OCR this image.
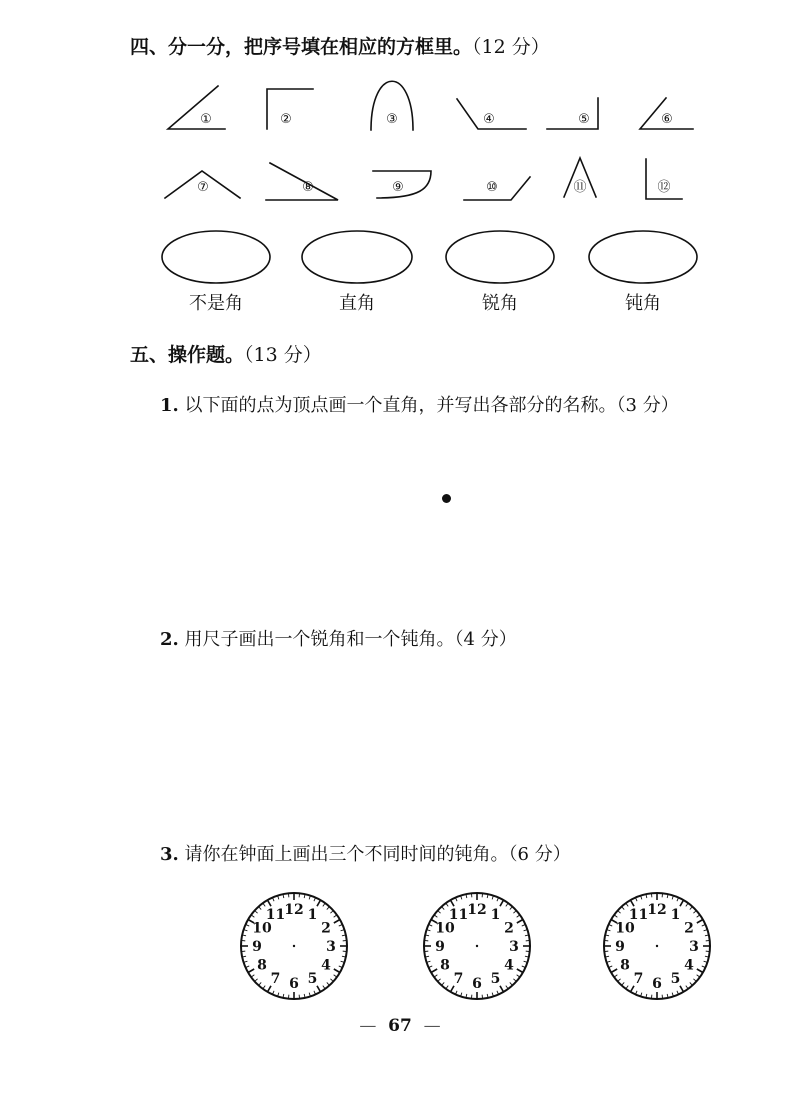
四、分一分，把序号填在相应的方框里。（12 分）
①	②	③	④	⑤	⑥
⑦	⑧	⑨	⑩	⑪	⑫
不是角	直角	锐角	钝角
五、操作题。（13 分）
1. 以下面的点为顶点画一个直角，并写出各部分的名称。（3 分）
2. 用尺子画出一个锐角和一个钝角。（4 分）
3. 请你在钟面上画出三个不同时间的钝角。（6 分）
12 1
2
3
4
5
6
7
8
9
10
11	12 1
2
3
4
5
6
7
8
9
10
11	12 1
2
3
4
5
6
7
8
9
10
11
— 67 —
